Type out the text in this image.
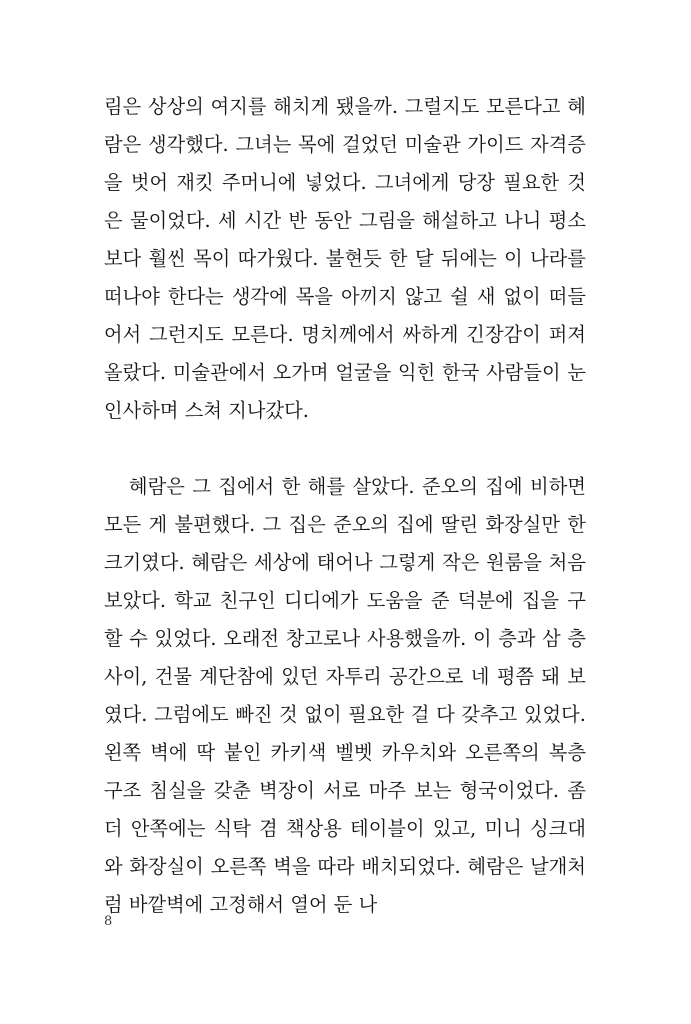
림은 상상의 여지를 해치게 됐을까. 그럴지도 모른다고 혜람은 생각했다. 그녀는 목에 걸었던 미술관 가이드 자격증을 벗어 재킷 주머니에 넣었다. 그녀에게 당장 필요한 것은 물이었다. 세 시간 반 동안 그림을 해설하고 나니 평소보다 훨씬 목이 따가웠다. 불현듯 한 달 뒤에는 이 나라를 떠나야 한다는 생각에 목을 아끼지 않고 쉴 새 없이 떠들어서 그런지도 모른다. 명치께에서 싸하게 긴장감이 퍼져 올랐다. 미술관에서 오가며 얼굴을 익힌 한국 사람들이 눈인사하며 스쳐 지나갔다.

혜람은 그 집에서 한 해를 살았다. 준오의 집에 비하면 모든 게 불편했다. 그 집은 준오의 집에 딸린 화장실만 한 크기였다. 혜람은 세상에 태어나 그렇게 작은 원룸을 처음 보았다. 학교 친구인 디디에가 도움을 준 덕분에 집을 구할 수 있었다. 오래전 창고로나 사용했을까. 이 층과 삼 층 사이, 건물 계단참에 있던 자투리 공간으로 네 평쯤 돼 보였다. 그럼에도 빠진 것 없이 필요한 걸 다 갖추고 있었다. 왼쪽 벽에 딱 붙인 카키색 벨벳 카우치와 오른쪽의 복층 구조 침실을 갖춘 벽장이 서로 마주 보는 형국이었다. 좀 더 안쪽에는 식탁 겸 책상용 테이블이 있고, 미니 싱크대와 화장실이 오른쪽 벽을 따라 배치되었다. 혜람은 날개처럼 바깥벽에 고정해서 열어 둔 나

8
